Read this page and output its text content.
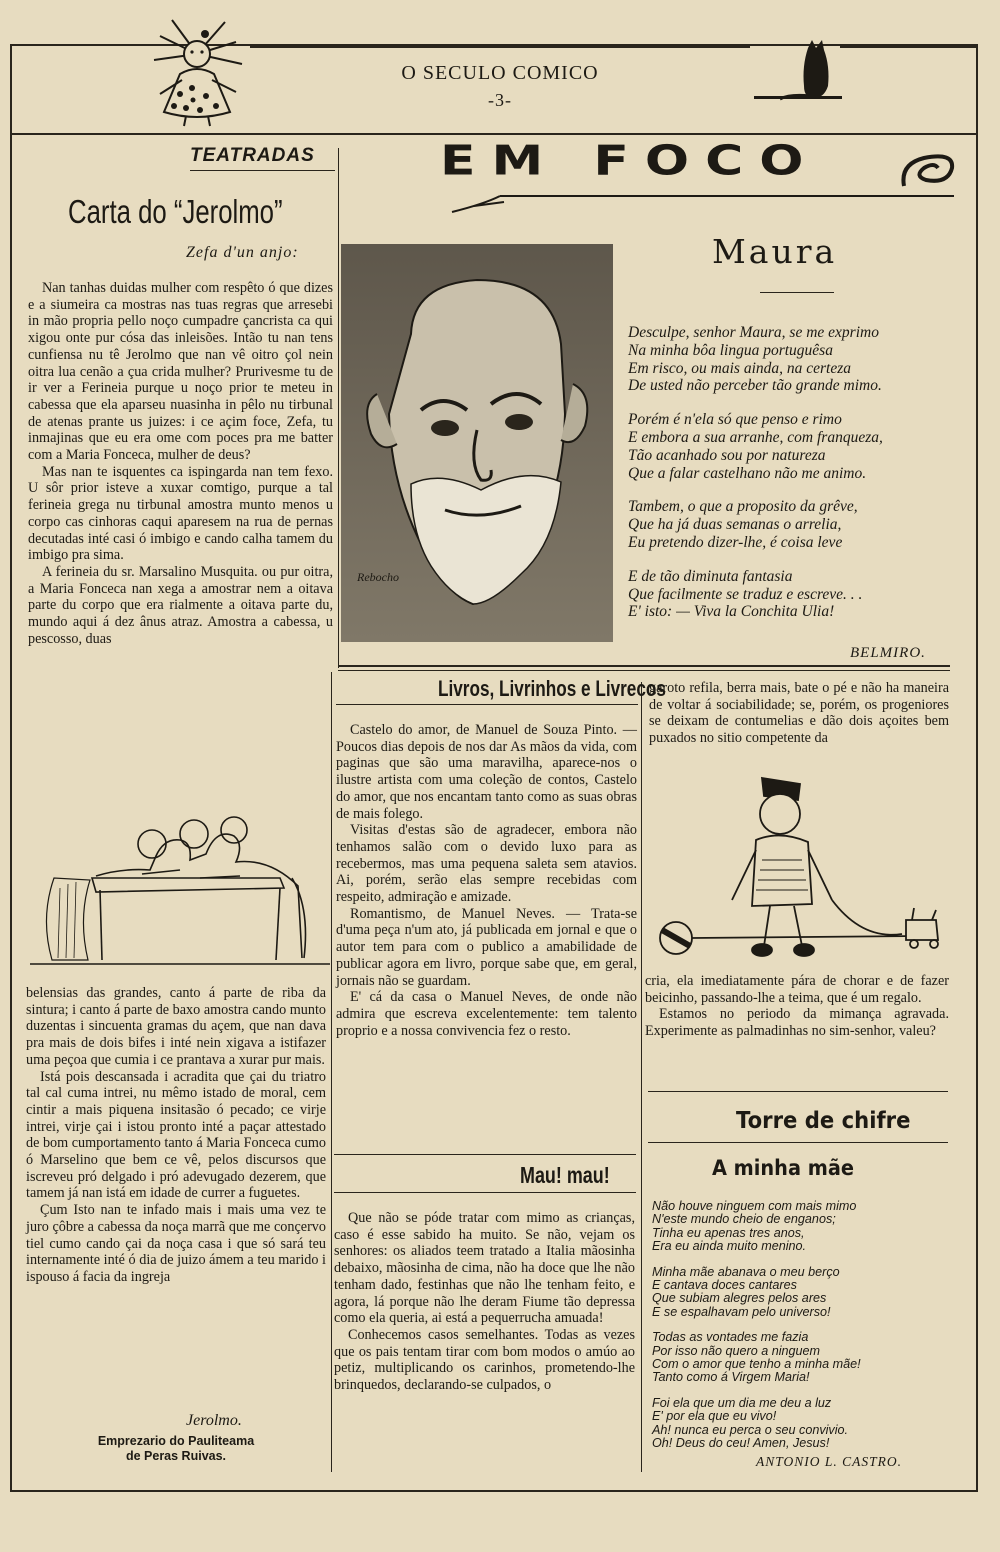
O SECULO COMICO
-3-
TEATRADAS
Carta do “Jerolmo”
Zefa d'un anjo:

Nan tanhas duidas mulher com respêto ó que dizes e a siumeira ca mostras nas tuas regras que arresebi in mão propria pello noço cumpadre çancrista ca qui xigou onte pur cósa das inleisões. Intão tu nan tens cunfiensa nu tê Jerolmo que nan vê oitro çol nein oitra lua cenão a çua crida mulher? Prurivesme tu de ir ver a Ferineia purque u noço prior te meteu in cabessa que ela aparseu nuasinha in pêlo nu tirbunal de atenas prante us juizes: i ce açim foce, Zefa, tu inmajinas que eu era ome com poces pra me batter com a Maria Fonceca, mulher de deus?

Mas nan te isquentes ca ispingarda nan tem fexo. U sôr prior isteve a xuxar comtigo, purque a tal ferineia grega nu tirbunal amostra munto menos u corpo cas cinhoras caqui aparesem na rua de pernas decutadas inté casi ó imbigo e cando calha tamem du imbigo pra sima.

A ferineia du sr. Marsalino Musquita. ou pur oitra, a Maria Fonceca nan xega a amostrar nem a oitava parte du corpo que era rialmente a oitava parte du, mundo aqui á dez ânus atraz. Amostra a cabessa, u pescosso, duas

belensias das grandes, canto á parte de riba da sintura; i canto á parte de baxo amostra cando munto duzentas i sincuenta gramas du açem, que nan dava pra mais de dois bifes i inté nein xigava a istifazer uma peçoa que cumia i ce prantava a xurar pur mais.

Istá pois descansada i acradita que çai du triatro tal cal cuma intrei, nu mêmo istado de moral, cem cintir a mais piquena insitasão ó pecado; ce virje intrei, virje çai i istou pronto inté a paçar attestado de bom cumportamento tanto á Maria Fonceca cumo ó Marselino que bem ce vê, pelos discursos que iscreveu pró delgado i pró adevugado dezerem, que tamem já nan istá em idade de currer a fuguetes.

Çum Isto nan te infado mais i mais uma vez te juro çôbre a cabessa da noça marrã que me conçervo tiel cumo cando çai da noça casa i que só sará teu internamente inté ó dia de juizo ámem a teu marido i ispouso á facia da ingreja

Jerolmo.
Emprezario do Pauliteama
de Peras Ruivas.
EM FOCO
Rebocho
Maura
Desculpe, senhor Maura, se me exprimo
Na minha bôa lingua portuguêsa
Em risco, ou mais ainda, na certeza
De usted não perceber tão grande mimo.
Porém é n'ela só que penso e rimo
E embora a sua arranhe, com franqueza,
Tão acanhado sou por natureza
Que a falar castelhano não me animo.
Tambem, o que a proposito da grêve,
Que ha já duas semanas o arrelia,
Eu pretendo dizer-lhe, é coisa leve
E de tão diminuta fantasia
Que facilmente se traduz e escreve. . .
E' isto: — Viva la Conchita Ulia!
BELMIRO.
Livros, Livrinhos e Livrecos

Castelo do amor, de Manuel de Souza Pinto. — Poucos dias depois de nos dar As mãos da vida, com paginas que são uma maravilha, aparece-nos o ilustre artista com uma coleção de contos, Castelo do amor, que nos encantam tanto como as suas obras de mais folego.

Visitas d'estas são de agradecer, embora não tenhamos salão com o devido luxo para as recebermos, mas uma pequena saleta sem atavios. Ai, porém, serão elas sempre recebidas com respeito, admiração e amizade.

Romantismo, de Manuel Neves. — Trata-se d'uma peça n'um ato, já publicada em jornal e que o autor tem para com o publico a amabilidade de publicar agora em livro, porque sabe que, em geral, jornais não se guardam.

E' cá da casa o Manuel Neves, de onde não admira que escreva excelentemente: tem talento proprio e a nossa convivencia fez o resto.

Mau! mau!

Que não se póde tratar com mimo as crianças, caso é esse sabido ha muito. Se não, vejam os senhores: os aliados teem tratado a Italia mãosinha debaixo, mãosinha de cima, não ha doce que lhe não tenham dado, festinhas que não lhe tenham feito, e agora, lá porque não lhe deram Fiume tão depressa como ela queria, ai está a pequerrucha amuada!

Conhecemos casos semelhantes. Todas as vezes que os pais tentam tirar com bom modos o amúo ao petiz, multiplicando os carinhos, prometendo-lhe brinquedos, declarando-se culpados, o

garoto refila, berra mais, bate o pé e não ha maneira de voltar á sociabilidade; se, porém, os progeniores se deixam de contumelias e dão dois açoites bem puxados no sitio competente da

cria, ela imediatamente pára de chorar e de fazer beicinho, passando-lhe a teima, que é um regalo.

Estamos no periodo da mimança agravada. Experimente as palmadinhas no sim-senhor, valeu?

Torre de chifre
A minha mãe
Não houve ninguem com mais mimo
N'este mundo cheio de enganos;
Tinha eu apenas tres anos,
Era eu ainda muito menino.
Minha mãe abanava o meu berço
E cantava doces cantares
Que subiam alegres pelos ares
E se espalhavam pelo universo!
Todas as vontades me fazia
Por isso não quero a ninguem
Com o amor que tenho a minha mãe!
Tanto como á Virgem Maria!
Foi ela que um dia me deu a luz
E' por ela que eu vivo!
Ah! nunca eu perca o seu convivio.
Oh! Deus do ceu! Amen, Jesus!
ANTONIO L. CASTRO.
